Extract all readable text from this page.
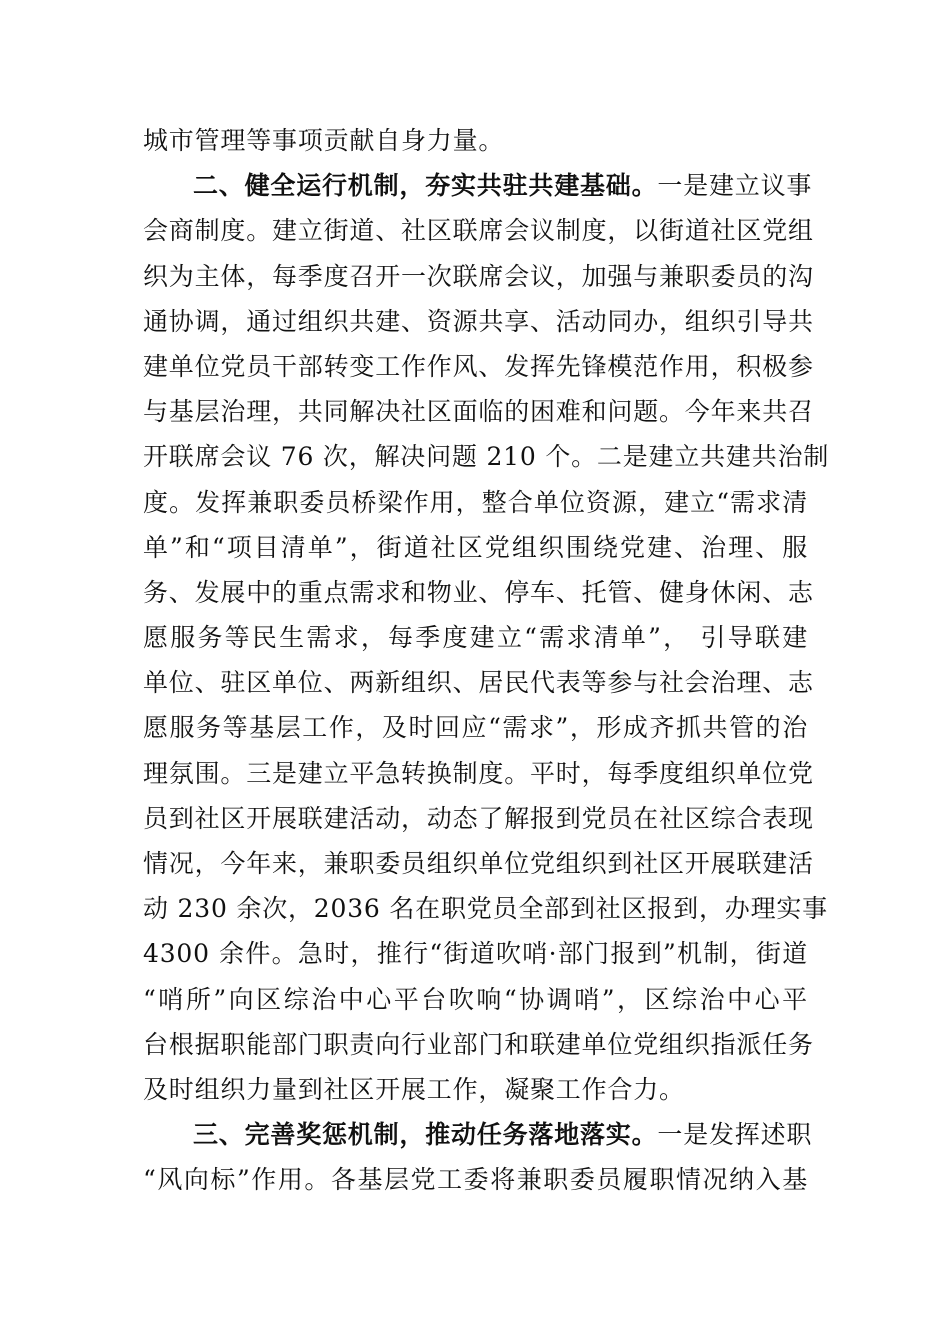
城市管理等事项贡献自身力量。
二、健全运行机制，夯实共驻共建基础。一是建立议事
会商制度。建立街道、社区联席会议制度，以街道社区党组
织为主体，每季度召开一次联席会议，加强与兼职委员的沟
通协调，通过组织共建、资源共享、活动同办，组织引导共
建单位党员干部转变工作作风、发挥先锋模范作用，积极参
与基层治理，共同解决社区面临的困难和问题。今年来共召
开联席会议 76 次，解决问题 210 个。二是建立共建共治制
度。发挥兼职委员桥梁作用，整合单位资源，建立“需求清
单”和“项目清单”，街道社区党组织围绕党建、治理、服
务、发展中的重点需求和物业、停车、托管、健身休闲、志
愿服务等民生需求，每季度建立“需求清单”， 引导联建
单位、驻区单位、两新组织、居民代表等参与社会治理、志
愿服务等基层工作，及时回应“需求”，形成齐抓共管的治
理氛围。三是建立平急转换制度。平时，每季度组织单位党
员到社区开展联建活动，动态了解报到党员在社区综合表现
情况，今年来，兼职委员组织单位党组织到社区开展联建活
动 230 余次，2036 名在职党员全部到社区报到，办理实事
4300 余件。急时，推行“街道吹哨·部门报到”机制，街道
“哨所”向区综治中心平台吹响“协调哨”，区综治中心平
台根据职能部门职责向行业部门和联建单位党组织指派任务
及时组织力量到社区开展工作，凝聚工作合力。
三、完善奖惩机制，推动任务落地落实。一是发挥述职
“风向标”作用。各基层党工委将兼职委员履职情况纳入基
